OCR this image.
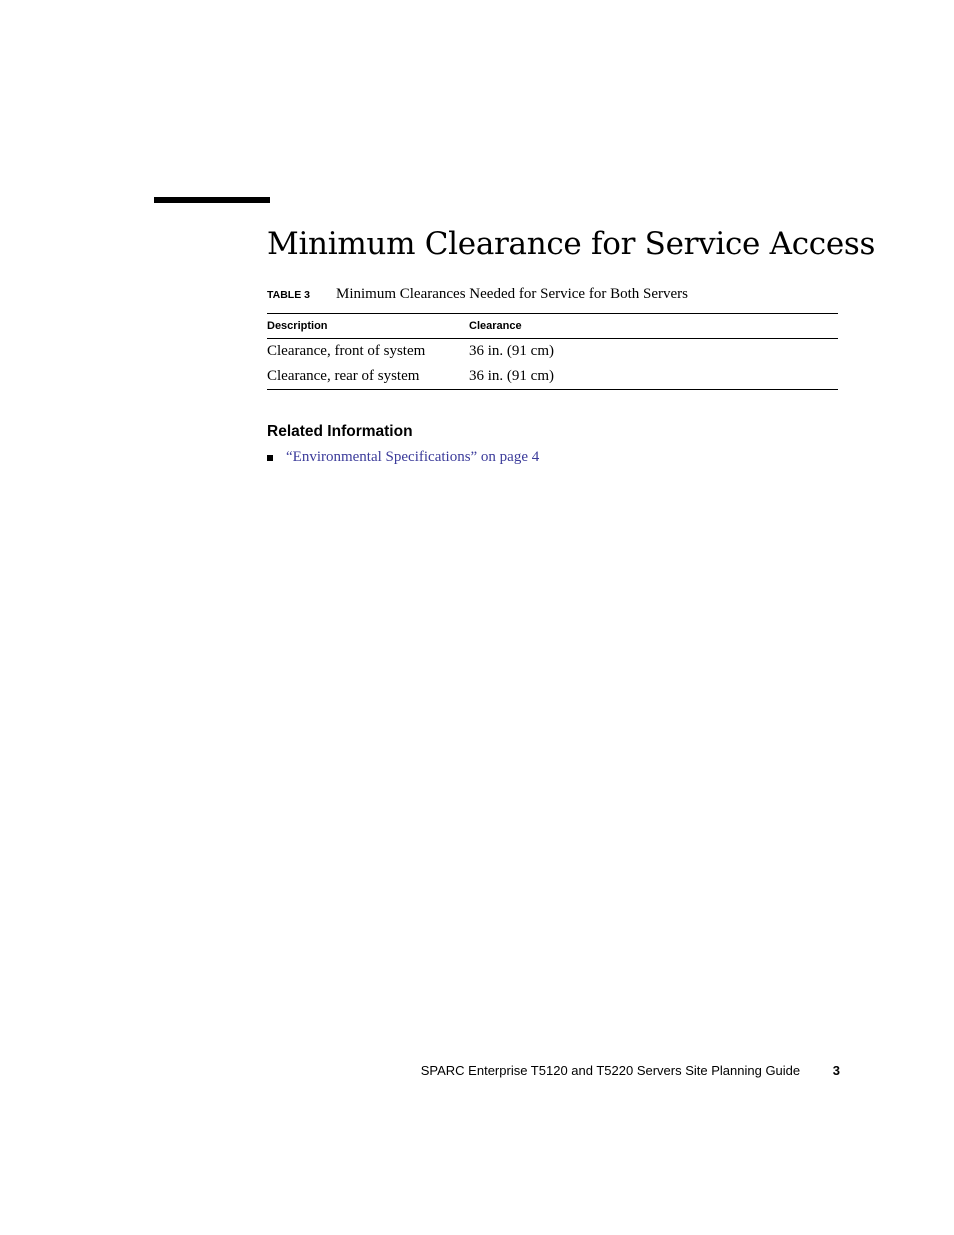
Minimum Clearance for Service Access
TABLE 3 Minimum Clearances Needed for Service for Both Servers
Description	Clearance
Clearance, front of system	36 in. (91 cm)
Clearance, rear of system	36 in. (91 cm)
Related Information
“Environmental Specifications” on page 4
SPARC Enterprise T5120 and T5220 Servers Site Planning Guide	3
